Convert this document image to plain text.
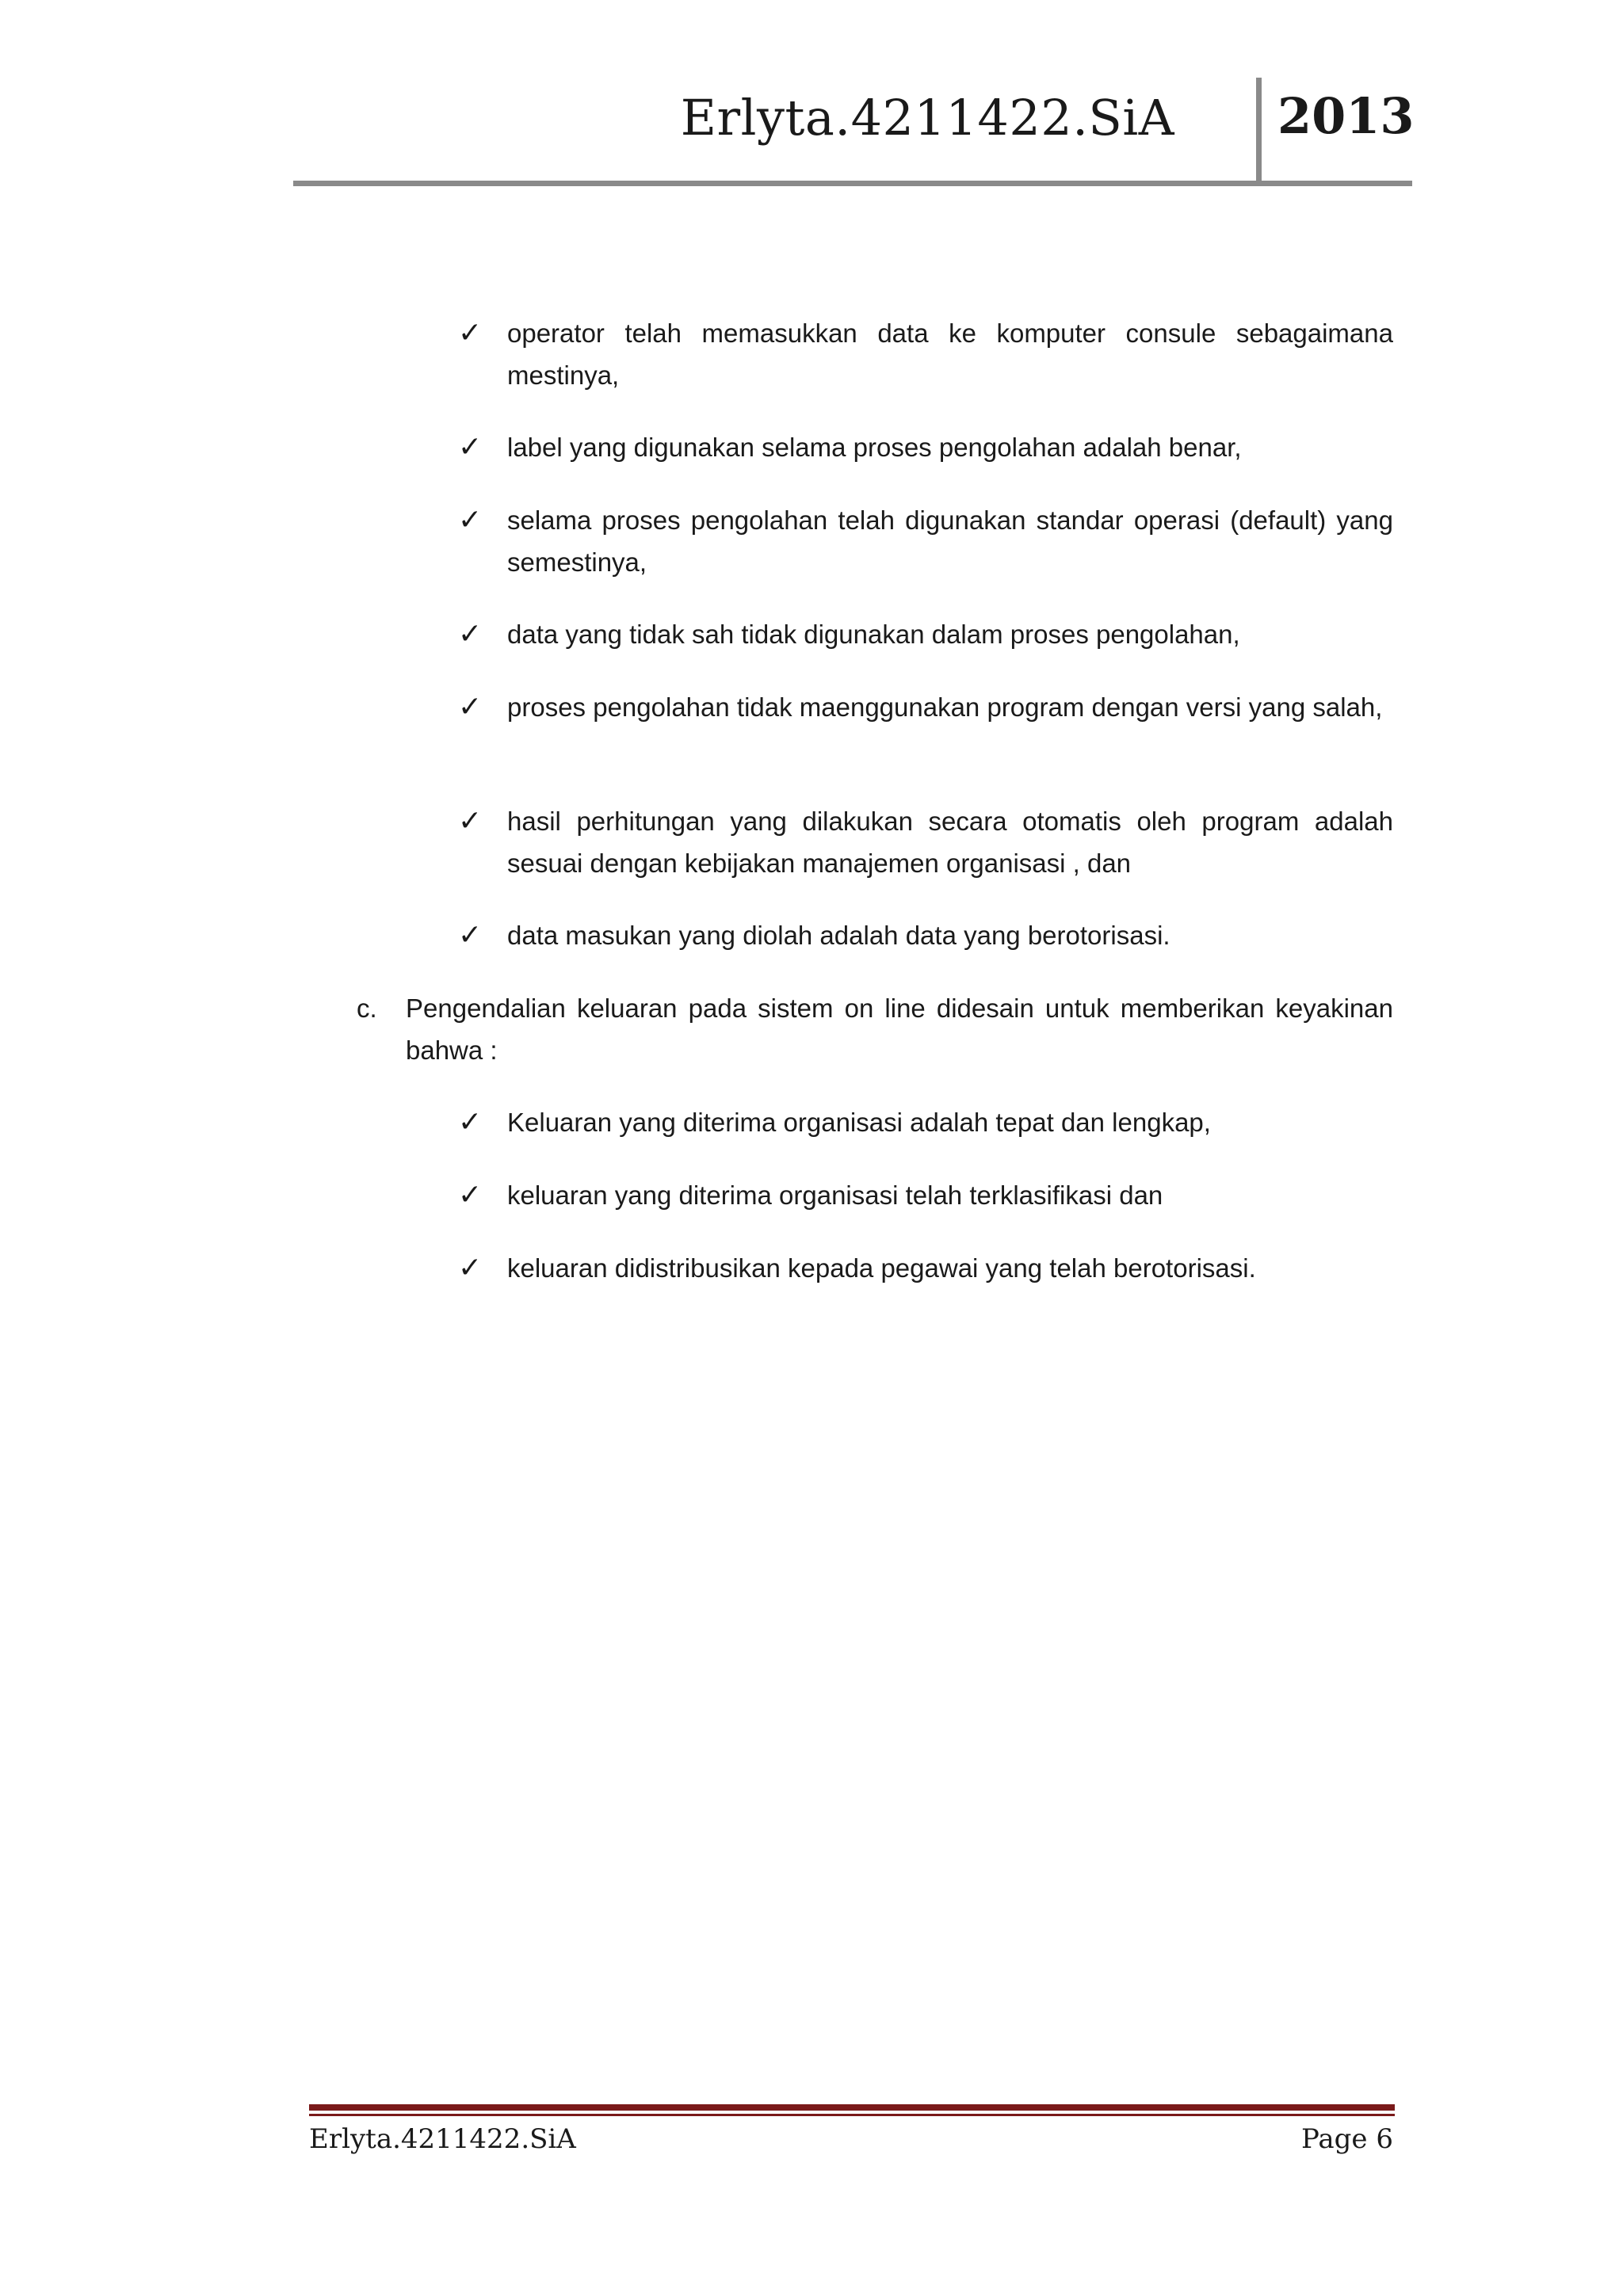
Erlyta.4211422.SiA 2013
✓ operator telah memasukkan data ke komputer consule sebagaimana mestinya,
✓ label yang digunakan selama proses pengolahan adalah benar,
✓ selama proses pengolahan telah digunakan standar operasi (default) yang semestinya,
✓ data yang tidak sah tidak digunakan dalam proses pengolahan,
✓ proses pengolahan tidak maenggunakan program dengan versi yang salah,
✓ hasil perhitungan yang dilakukan secara otomatis oleh program adalah sesuai dengan kebijakan manajemen organisasi , dan
✓ data masukan yang diolah adalah data yang berotorisasi.
c. Pengendalian keluaran pada sistem on line didesain untuk memberikan keyakinan bahwa :
✓ Keluaran yang diterima organisasi adalah tepat dan lengkap,
✓ keluaran yang diterima organisasi telah terklasifikasi dan
✓ keluaran didistribusikan kepada pegawai yang telah berotorisasi.
Erlyta.4211422.SiA	Page 6
